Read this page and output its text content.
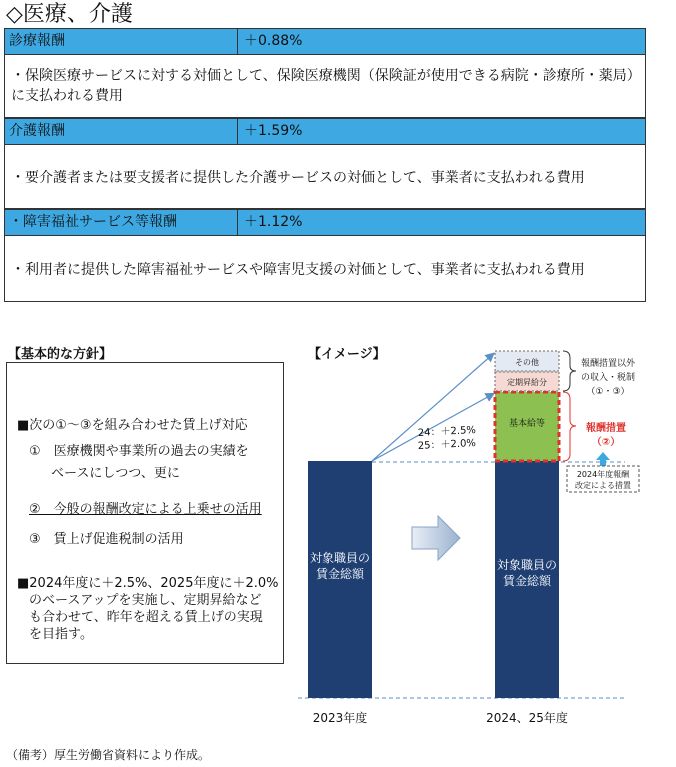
◇医療、介護
診療報酬	＋0.88%
・保険医療サービスに対する対価として、保険医療機関（保険証が使用できる病院・診療所・薬局）に支払われる費用
介護報酬	＋1.59%
・要介護者または要支援者に提供した介護サービスの対価として、事業者に支払われる費用
・障害福祉サービス等報酬	＋1.12%
・利用者に提供した障害福祉サービスや障害児支援の対価として、事業者に支払われる費用
【基本的な方針】
■次の①～③を組み合わせた賃上げ対応
①　医療機関や事業所の過去の実績を
ベースにしつつ、更に
②　今般の報酬改定による上乗せの活用
③　賃上げ促進税制の活用
■2024年度に＋2.5%、2025年度に＋2.0%
のベースアップを実施し、定期昇給など
も合わせて、昨年を超える賃上げの実現
を目指す。
【イメージ】
対象職員の
賃金総額
2023年度
対象職員の
賃金総額
2024、25年度
基本給等
定期昇給分
その他
24：＋2.5%
25：＋2.0%
報酬措置以外
の収入・税制
（①・③）
報酬措置
（②）
2024年度報酬
改定による措置
（備考）厚生労働省資料により作成。
